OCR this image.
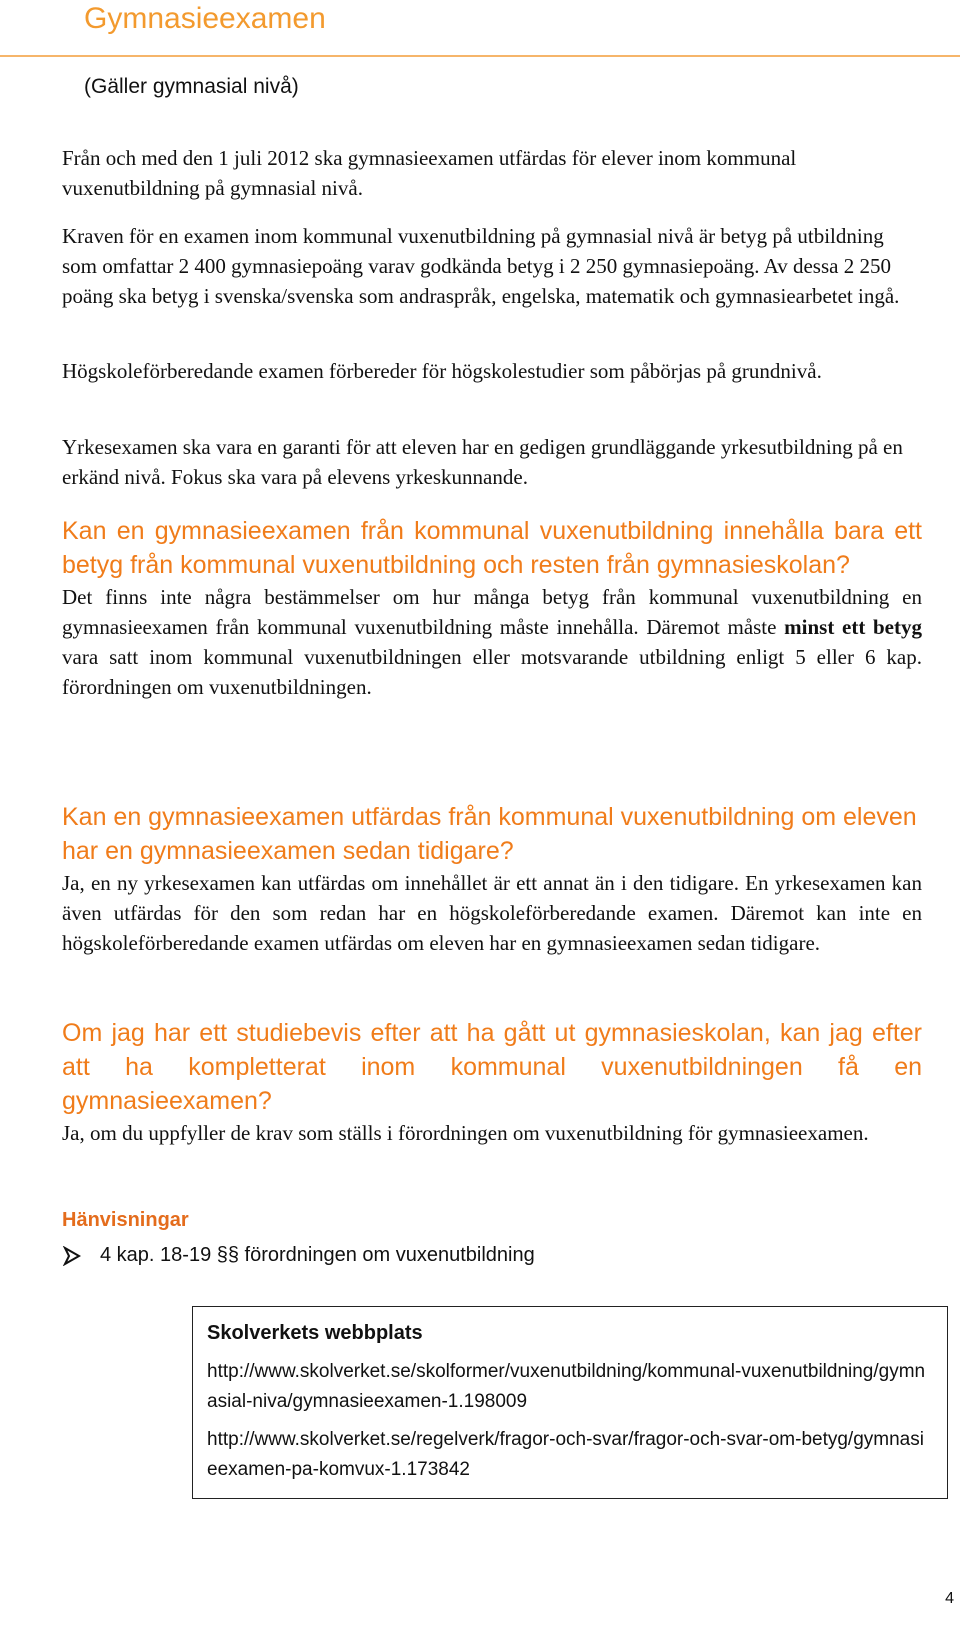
Gymnasieexamen

(Gäller gymnasial nivå)

Från och med den 1 juli 2012 ska gymnasieexamen utfärdas för elever inom kommunal vuxenutbildning på gymnasial nivå.

Kraven för en examen inom kommunal vuxenutbildning på gymnasial nivå är betyg på utbildning som omfattar 2 400 gymnasiepoäng varav godkända betyg i 2 250 gymnasiepoäng. Av dessa 2 250 poäng ska betyg i svenska/svenska som andraspråk, engelska, matematik och gymnasiearbetet ingå.

Högskoleförberedande examen förbereder för högskolestudier som påbörjas på grundnivå.

Yrkesexamen ska vara en garanti för att eleven har en gedigen grundläggande yrkesutbildning på en erkänd nivå. Fokus ska vara på elevens yrkeskunnande.

Kan en gymnasieexamen från kommunal vuxenutbildning innehålla bara ett betyg från kommunal vuxenutbildning och resten från gymnasieskolan?

Det finns inte några bestämmelser om hur många betyg från kommunal vuxenutbildning en gymnasieexamen från kommunal vuxenutbildning måste innehålla. Däremot måste minst ett betyg vara satt inom kommunal vuxenutbildningen eller motsvarande utbildning enligt 5 eller 6 kap. förordningen om vuxenutbildningen.

Kan en gymnasieexamen utfärdas från kommunal vuxenutbildning om eleven har en gymnasieexamen sedan tidigare?

Ja, en ny yrkesexamen kan utfärdas om innehållet är ett annat än i den tidigare. En yrkesexamen kan även utfärdas för den som redan har en högskoleförberedande examen. Däremot kan inte en högskoleförberedande examen utfärdas om eleven har en gymnasieexamen sedan tidigare.

Om jag har ett studiebevis efter att ha gått ut gymnasieskolan, kan jag efter att ha kompletterat inom kommunal vuxenutbildningen få en gymnasieexamen?

Ja, om du uppfyller de krav som ställs i förordningen om vuxenutbildning för gymnasieexamen.

Hänvisningar
4 kap. 18-19 §§ förordningen om vuxenutbildning

Skolverkets webbplats

http://www.skolverket.se/skolformer/vuxenutbildning/kommunal-vuxenutbildning/gymnasial-niva/gymnasieexamen-1.198009
http://www.skolverket.se/regelverk/fragor-och-svar/fragor-och-svar-om-betyg/gymnasieexamen-pa-komvux-1.173842
4
